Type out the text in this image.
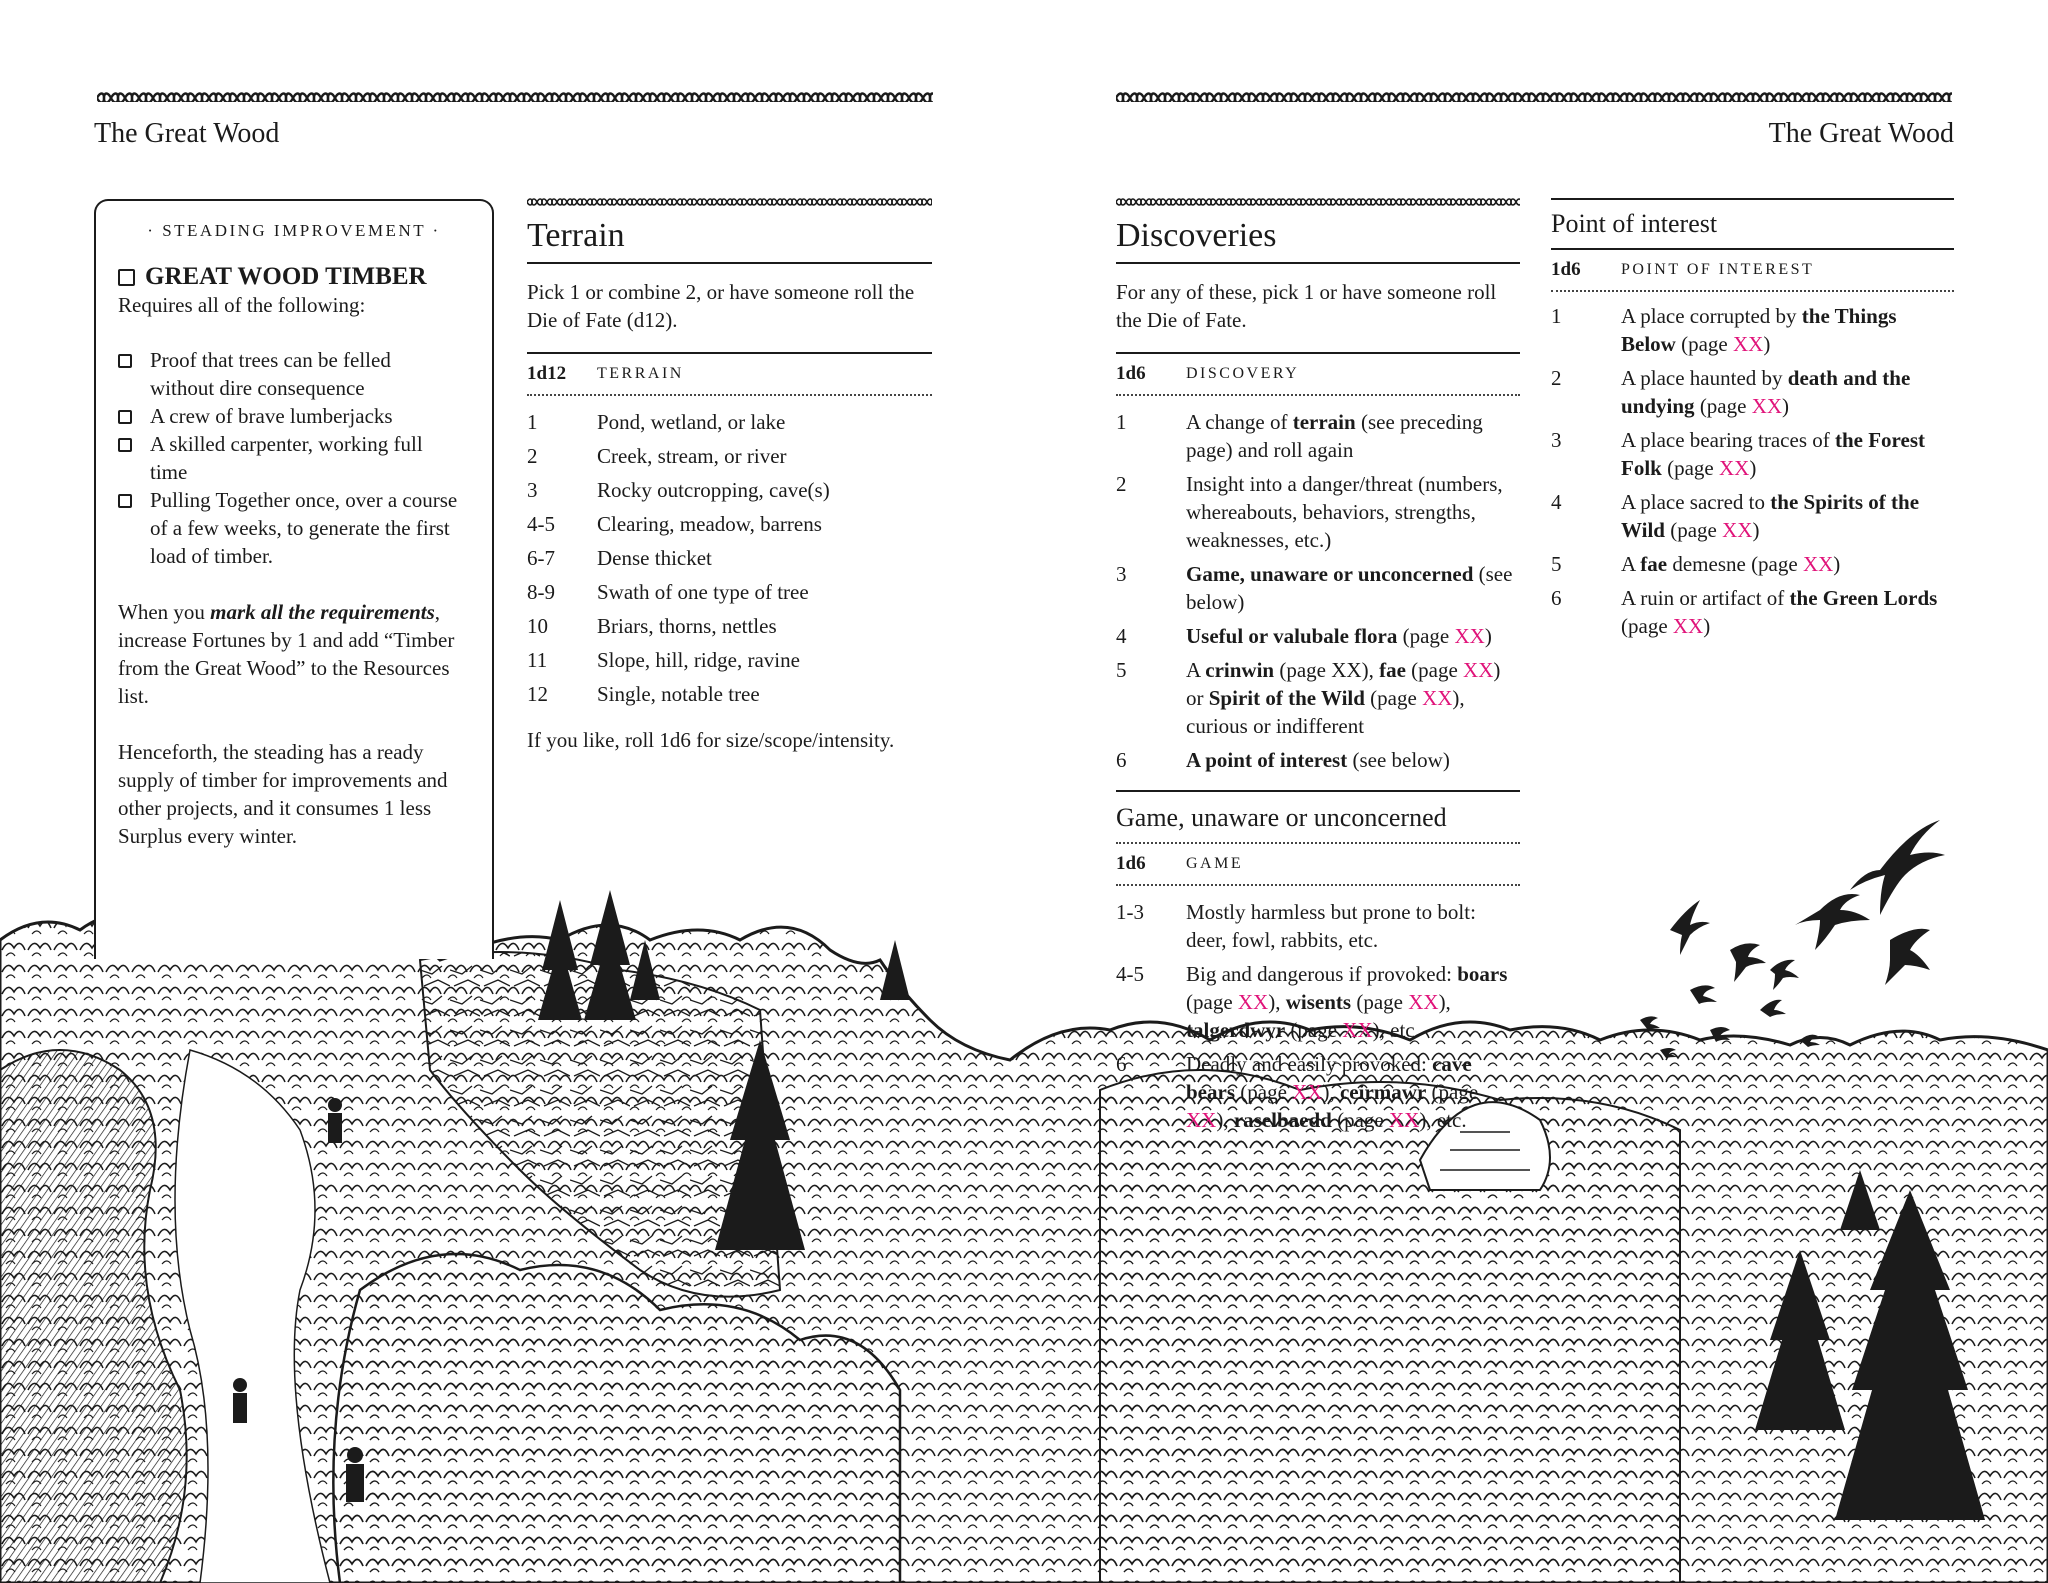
The Great Wood	The Great Wood
· STEADING IMPROVEMENT ·
GREAT WOOD TIMBER
Requires all of the following:
Proof that trees can be felled without dire consequence
A crew of brave lumberjacks
A skilled carpenter, working full time
Pulling Together once, over a course of a few weeks, to generate the first load of timber.

When you mark all the requirements, increase Fortunes by 1 and add “Timber from the Great Wood” to the Resources list.

Henceforth, the steading has a ready supply of timber for improvements and other projects, and it consumes 1 less Surplus every winter.

Terrain
Pick 1 or combine 2, or have someone roll the Die of Fate (d12).
1d12	TERRAIN
1	Pond, wetland, or lake
2	Creek, stream, or river
3	Rocky outcropping, cave(s)
4-5	Clearing, meadow, barrens
6-7	Dense thicket
8-9	Swath of one type of tree
10	Briars, thorns, nettles
11	Slope, hill, ridge, ravine
12	Single, notable tree
If you like, roll 1d6 for size/scope/intensity.
Discoveries
For any of these, pick 1 or have someone roll the Die of Fate.
1d6	DISCOVERY
1	A change of terrain (see preceding page) and roll again
2	Insight into a danger/threat (numbers, whereabouts, behaviors, strengths, weaknesses, etc.)
3	Game, unaware or unconcerned (see below)
4	Useful or valubale flora (page XX)
5	A crinwin (page XX), fae (page XX) or Spirit of the Wild (page XX), curious or indifferent
6	A point of interest (see below)
Game, unaware or unconcerned
1d6	GAME
1-3	Mostly harmless but prone to bolt: deer, fowl, rabbits, etc.
4-5	Big and dangerous if provoked: boars (page XX), wisents (page XX), talgerdwyr (page XX), etc.
6	Deadly and easily provoked: cave bears (page XX), ceirmawr (page XX), raselbaedd (page XX), etc.
Point of interest
1d6	POINT OF INTEREST
1	A place corrupted by the Things Below (page XX)
2	A place haunted by death and the undying (page XX)
3	A place bearing traces of the Forest Folk (page XX)
4	A place sacred to the Spirits of the Wild (page XX)
5	A fae demesne (page XX)
6	A ruin or artifact of the Green Lords (page XX)
